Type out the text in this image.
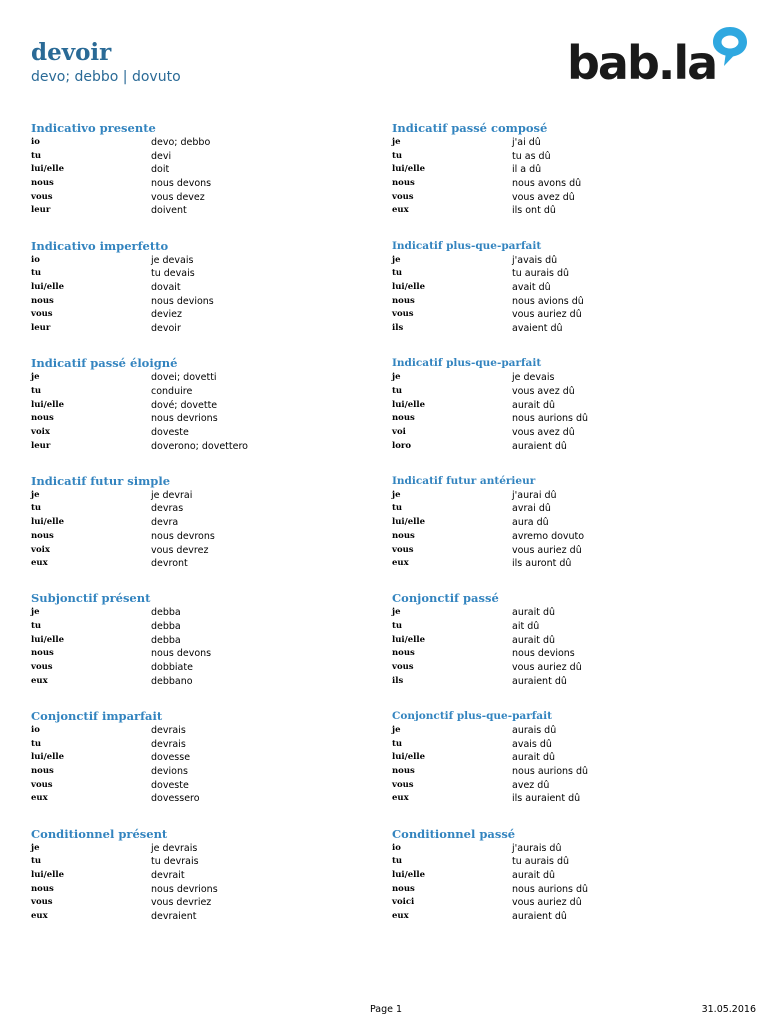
devoir
devo; debbo | dovuto	bab.la
Indicativo presente
io	devo; debbo
tu	devi
lui/elle	doit
nous	nous devons
vous	vous devez
leur	doivent
Indicativo imperfetto
io	je devais
tu	tu devais
lui/elle	dovait
nous	nous devions
vous	deviez
leur	devoir
Indicatif passé éloigné
je	dovei; dovetti
tu	conduire
lui/elle	dové; dovette
nous	nous devrions
voix	doveste
leur	doverono; dovettero
Indicatif futur simple
je	je devrai
tu	devras
lui/elle	devra
nous	nous devrons
voix	vous devrez
eux	devront
Subjonctif présent
je	debba
tu	debba
lui/elle	debba
nous	nous devons
vous	dobbiate
eux	debbano
Conjonctif imparfait
io	devrais
tu	devrais
lui/elle	dovesse
nous	devions
vous	doveste
eux	dovessero
Conditionnel présent
je	je devrais
tu	tu devrais
lui/elle	devrait
nous	nous devrions
vous	vous devriez
eux	devraient
Indicatif passé composé
je	j'ai dû
tu	tu as dû
lui/elle	il a dû
nous	nous avons dû
vous	vous avez dû
eux	ils ont dû
Indicatif plus-que-parfait
je	j'avais dû
tu	tu aurais dû
lui/elle	avait dû
nous	nous avions dû
vous	vous auriez dû
ils	avaient dû
Indicatif plus-que-parfait
je	je devais
tu	vous avez dû
lui/elle	aurait dû
nous	nous aurions dû
voi	vous avez dû
loro	auraient dû
Indicatif futur antérieur
je	j'aurai dû
tu	avrai dû
lui/elle	aura dû
nous	avremo dovuto
vous	vous auriez dû
eux	ils auront dû
Conjonctif passé
je	aurait dû
tu	ait dû
lui/elle	aurait dû
nous	nous devions
vous	vous auriez dû
ils	auraient dû
Conjonctif plus-que-parfait
je	aurais dû
tu	avais dû
lui/elle	aurait dû
nous	nous aurions dû
vous	avez dû
eux	ils auraient dû
Conditionnel passé
io	j'aurais dû
tu	tu aurais dû
lui/elle	aurait dû
nous	nous aurions dû
voici	vous auriez dû
eux	auraient dû
Page 1	31.05.2016
